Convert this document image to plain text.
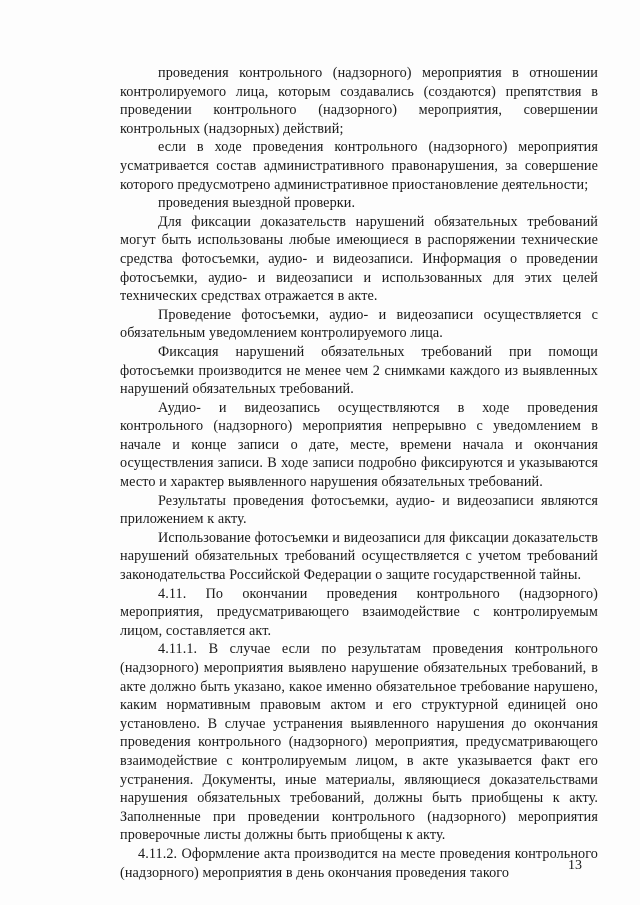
проведения контрольного (надзорного) мероприятия в отношении контролируемого лица, которым создавались (создаются) препятствия в проведении контрольного (надзорного) мероприятия, совершении контрольных (надзорных) действий;

если в ходе проведения контрольного (надзорного) мероприятия усматривается состав административного правонарушения, за совершение которого предусмотрено административное приостановление деятельности;

проведения выездной проверки.

Для фиксации доказательств нарушений обязательных требований могут быть использованы любые имеющиеся в распоряжении технические средства фотосъемки, аудио- и видеозаписи. Информация о проведении фотосъемки, аудио- и видеозаписи и использованных для этих целей технических средствах отражается в акте.

Проведение фотосъемки, аудио- и видеозаписи осуществляется с обязательным уведомлением контролируемого лица.

Фиксация нарушений обязательных требований при помощи фотосъемки производится не менее чем 2 снимками каждого из выявленных нарушений обязательных требований.

Аудио- и видеозапись осуществляются в ходе проведения контрольного (надзорного) мероприятия непрерывно с уведомлением в начале и конце записи о дате, месте, времени начала и окончания осуществления записи. В ходе записи подробно фиксируются и указываются место и характер выявленного нарушения обязательных требований.

Результаты проведения фотосъемки, аудио- и видеозаписи являются приложением к акту.

Использование фотосъемки и видеозаписи для фиксации доказательств нарушений обязательных требований осуществляется с учетом требований законодательства Российской Федерации о защите государственной тайны.

4.11. По окончании проведения контрольного (надзорного) мероприятия, предусматривающего взаимодействие с контролируемым лицом, составляется акт.

4.11.1. В случае если по результатам проведения контрольного (надзорного) мероприятия выявлено нарушение обязательных требований, в акте должно быть указано, какое именно обязательное требование нарушено, каким нормативным правовым актом и его структурной единицей оно установлено. В случае устранения выявленного нарушения до окончания проведения контрольного (надзорного) мероприятия, предусматривающего взаимодействие с контролируемым лицом, в акте указывается факт его устранения. Документы, иные материалы, являющиеся доказательствами нарушения обязательных требований, должны быть приобщены к акту. Заполненные при проведении контрольного (надзорного) мероприятия проверочные листы должны быть приобщены к акту.

4.11.2. Оформление акта производится на месте проведения контрольного (надзорного) мероприятия в день окончания проведения такого	13
